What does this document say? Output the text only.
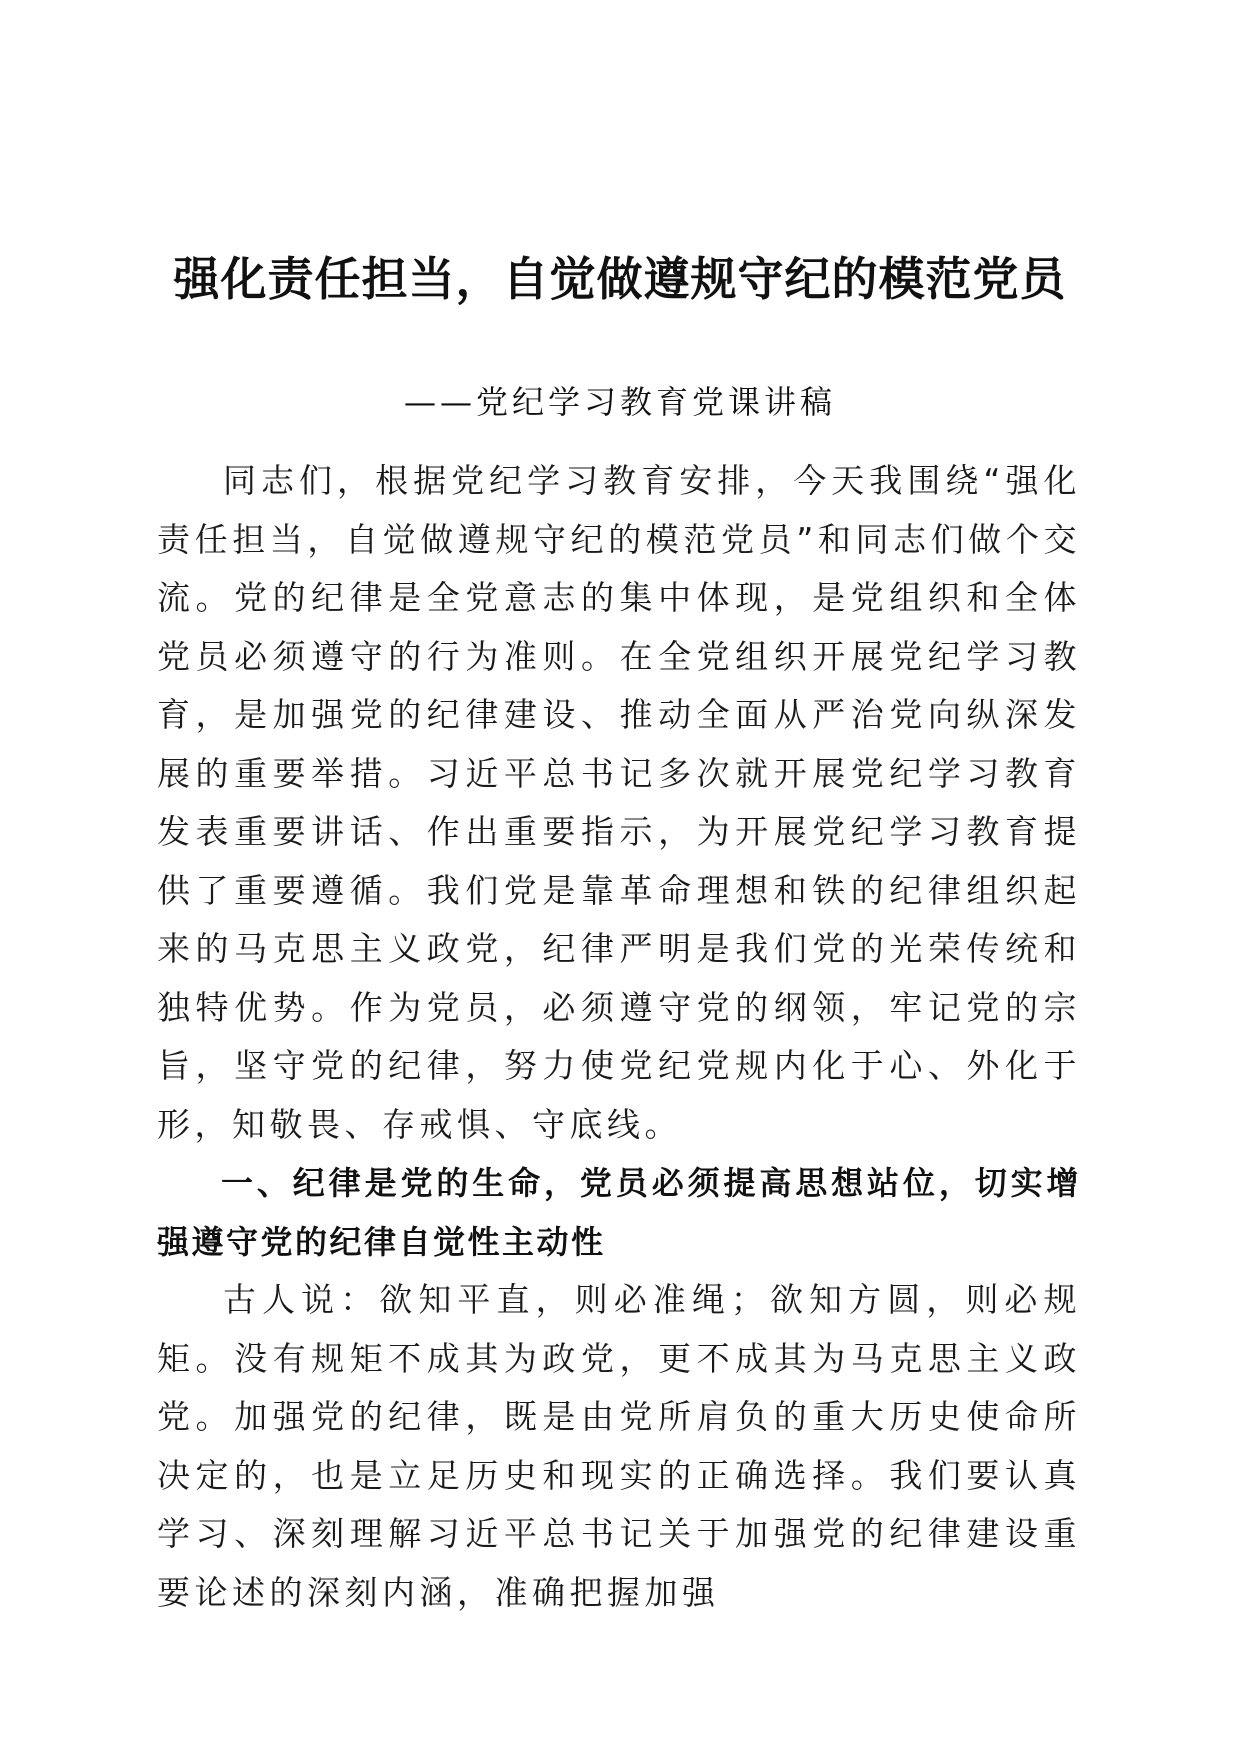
强化责任担当，自觉做遵规守纪的模范党员
——党纪学习教育党课讲稿

同志们，根据党纪学习教育安排，今天我围绕“强化责任担当，自觉做遵规守纪的模范党员”和同志们做个交流。党的纪律是全党意志的集中体现，是党组织和全体党员必须遵守的行为准则。在全党组织开展党纪学习教育，是加强党的纪律建设、推动全面从严治党向纵深发展的重要举措。习近平总书记多次就开展党纪学习教育发表重要讲话、作出重要指示，为开展党纪学习教育提供了重要遵循。我们党是靠革命理想和铁的纪律组织起来的马克思主义政党，纪律严明是我们党的光荣传统和独特优势。作为党员，必须遵守党的纲领，牢记党的宗旨，坚守党的纪律，努力使党纪党规内化于心、外化于形，知敬畏、存戒惧、守底线。

一、纪律是党的生命，党员必须提高思想站位，切实增强遵守党的纪律自觉性主动性

古人说：欲知平直，则必准绳；欲知方圆，则必规矩。没有规矩不成其为政党，更不成其为马克思主义政党。加强党的纪律，既是由党所肩负的重大历史使命所决定的，也是立足历史和现实的正确选择。我们要认真学习、深刻理解习近平总书记关于加强党的纪律建设重要论述的深刻内涵，准确把握加强
